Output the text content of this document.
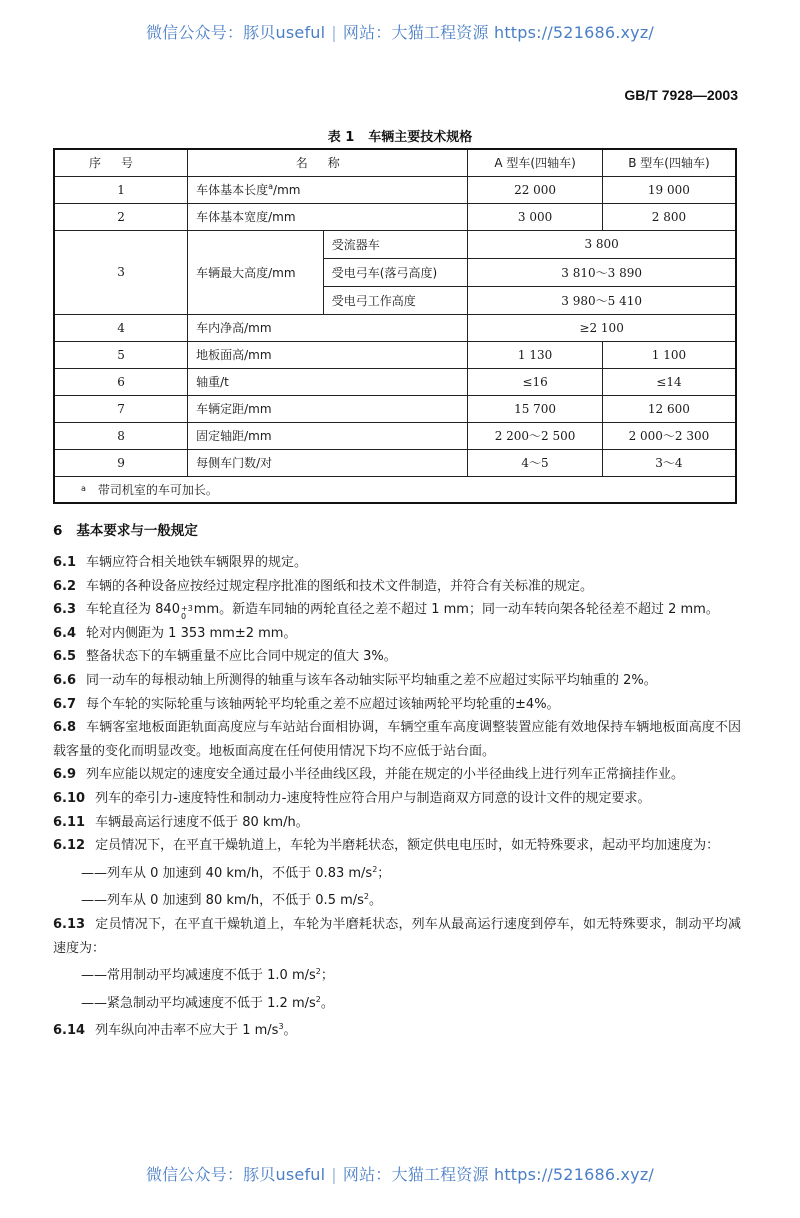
微信公众号：豚贝useful | 网站：大猫工程资源 https://521686.xyz/
GB/T 7928—2003
表 1 车辆主要技术规格
序号	名称		A 型车(四轴车)	B 型车(四轴车)
1	车体基本长度$^a$/mm		22 000	19 000
2	车体基本宽度/mm		3 000	2 800
3	车辆最大高度/mm	受流器车	3 800	
		受电弓车(落弓高度)	3 810～3 890	
		受电弓工作高度	3 980～5 410	
4	车内净高/mm		≥2 100	
5	地板面高/mm		1 130	1 100
6	轴重/t		≤16	≤14
7	车辆定距/mm		15 700	12 600
8	固定轴距/mm		2 200～2 500	2 000～2 300
9	每侧车门数/对		4～5	3～4
$^a$ 带司机室的车可加长。				
6 基本要求与一般规定

6.1 车辆应符合相关地铁车辆限界的规定。

6.2 车辆的各种设备应按经过规定程序批准的图纸和技术文件制造，并符合有关标准的规定。

6.3 车轮直径为 840 +3
0 mm。新造车同轴的两轮直径之差不超过 1 mm；同一动车转向架各轮径差不超过 2 mm。

6.4 轮对内侧距为 1 353 mm±2 mm。

6.5 整备状态下的车辆重量不应比合同中规定的值大 3%。

6.6 同一动车的每根动轴上所测得的轴重与该车各动轴实际平均轴重之差不应超过实际平均轴重的 2%。

6.7 每个车轮的实际轮重与该轴两轮平均轮重之差不应超过该轴两轮平均轮重的±4%。

6.8 车辆客室地板面距轨面高度应与车站站台面相协调，车辆空重车高度调整装置应能有效地保持车辆地板面高度不因载客量的变化而明显改变。地板面高度在任何使用情况下均不应低于站台面。

6.9 列车应能以规定的速度安全通过最小半径曲线区段，并能在规定的小半径曲线上进行列车正常摘挂作业。

6.10 列车的牵引力-速度特性和制动力-速度特性应符合用户与制造商双方同意的设计文件的规定要求。

6.11 车辆最高运行速度不低于 80 km/h。

6.12 定员情况下，在平直干燥轨道上，车轮为半磨耗状态，额定供电电压时，如无特殊要求，起动平均加速度为：

——列车从 0 加速到 40 km/h，不低于 0.83 $m/s^2$；

——列车从 0 加速到 80 km/h，不低于 0.5 $m/s^2$。

6.13 定员情况下，在平直干燥轨道上，车轮为半磨耗状态，列车从最高运行速度到停车，如无特殊要求，制动平均减速度为：

——常用制动平均减速度不低于 1.0 $m/s^2$；

——紧急制动平均减速度不低于 1.2 $m/s^2$。

6.14 列车纵向冲击率不应大于 1 $m/s^3$。

微信公众号：豚贝useful | 网站：大猫工程资源 https://521686.xyz/
